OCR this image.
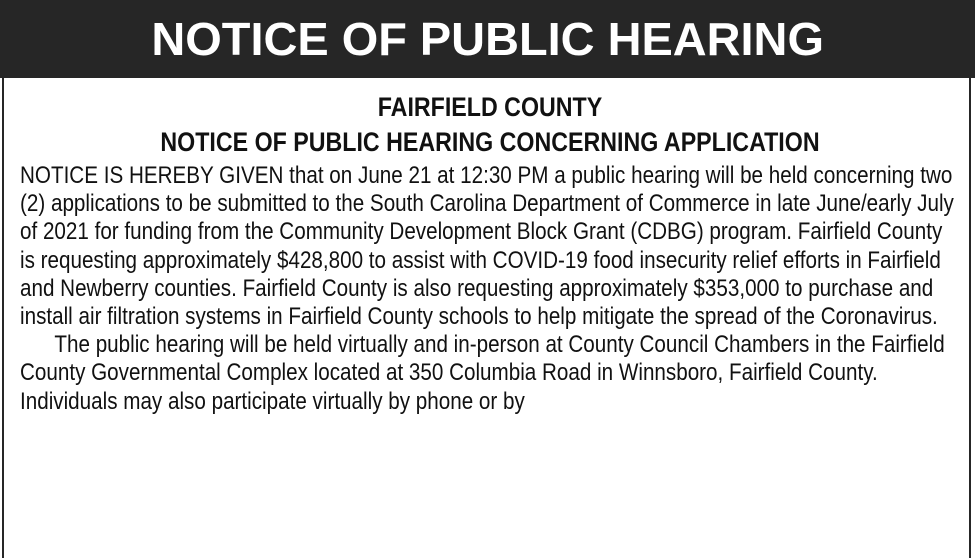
NOTICE OF PUBLIC HEARING
FAIRFIELD COUNTY
NOTICE OF PUBLIC HEARING CONCERNING APPLICATION

NOTICE IS HEREBY GIVEN that on June 21 at 12:30 PM a public hearing will be held concerning two (2) applications to be submitted to the South Carolina Department of Commerce in late June/early July of 2021 for funding from the Community Development Block Grant (CDBG) program. Fairfield County is requesting approximately $428,800 to assist with COVID-19 food insecurity relief efforts in Fairfield and Newberry counties. Fairfield County is also requesting approximately $353,000 to purchase and install air filtration systems in Fairfield County schools to help mitigate the spread of the Coronavirus.

The public hearing will be held virtually and in-person at County Council Chambers in the Fairfield County Governmental Complex located at 350 Columbia Road in Winnsboro, Fairfield County. Individuals may also participate virtually by phone or by
